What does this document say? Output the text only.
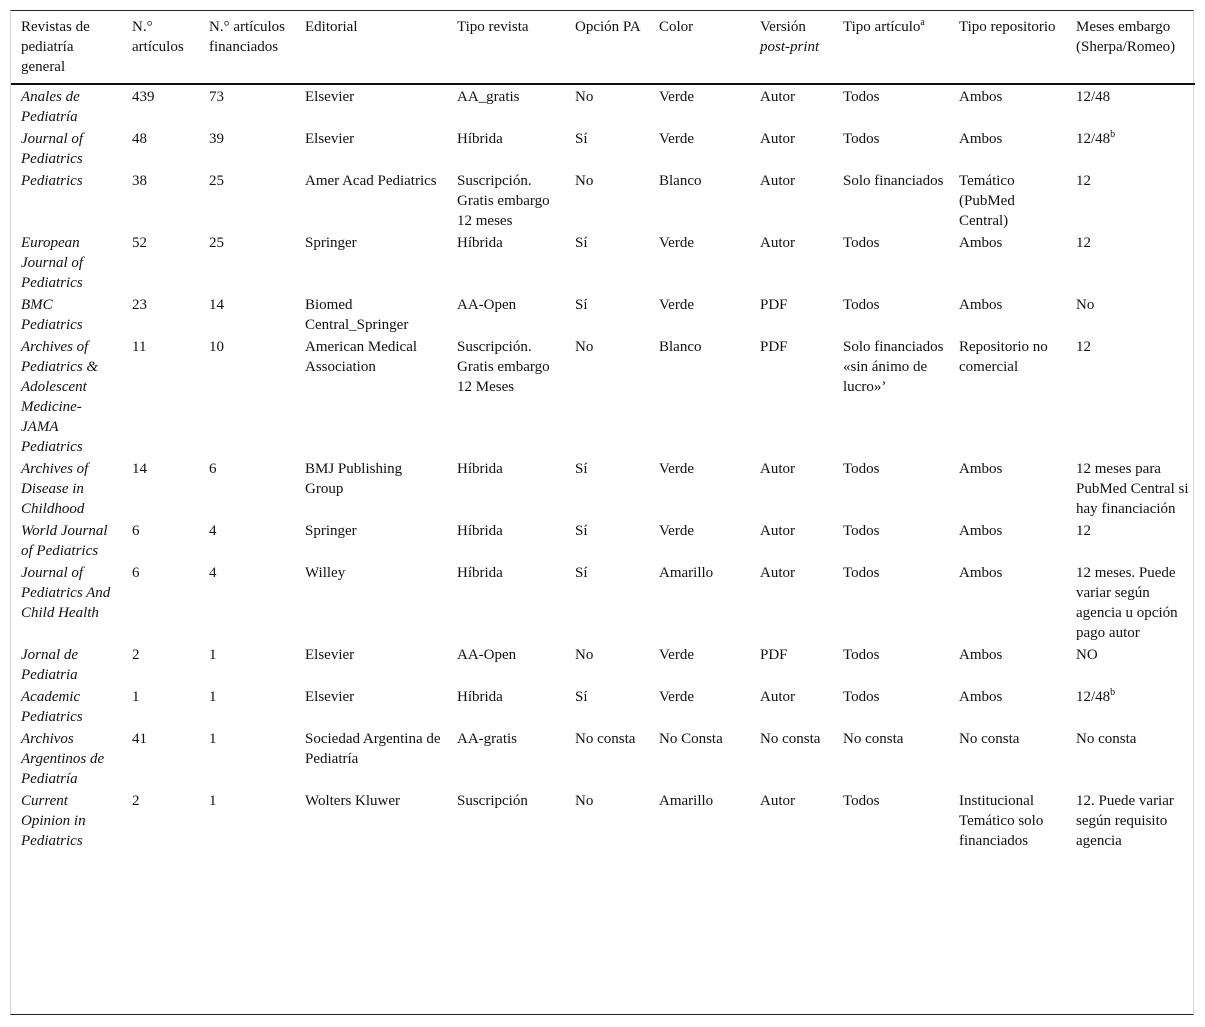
Revistas de pediatría general	N.° artículos	N.° artículos financiados	Editorial	Tipo revista	Opción PA	Color	Versión post-print	Tipo artículo$^a$	Tipo repositorio	Meses embargo (Sherpa/Romeo)
Anales de Pediatría	439	73	Elsevier	AA_gratis	No	Verde	Autor	Todos	Ambos	12/48
Journal of Pediatrics	48	39	Elsevier	Híbrida	Sí	Verde	Autor	Todos	Ambos	12/48$^b$
Pediatrics	38	25	Amer Acad Pediatrics	Suscripción. Gratis embargo 12 meses	No	Blanco	Autor	Solo financiados	Temático (PubMed Central)	12
European Journal of Pediatrics	52	25	Springer	Híbrida	Sí	Verde	Autor	Todos	Ambos	12
BMC Pediatrics	23	14	Biomed Central_Springer	AA-Open	Sí	Verde	PDF	Todos	Ambos	No
Archives of Pediatrics & Adolescent Medicine-JAMA Pediatrics	11	10	American Medical Association	Suscripción. Gratis embargo 12 Meses	No	Blanco	PDF	Solo financiados «sin ánimo de lucro»’	Repositorio no comercial	12
Archives of Disease in Childhood	14	6	BMJ Publishing Group	Híbrida	Sí	Verde	Autor	Todos	Ambos	12 meses para PubMed Central si hay financiación
World Journal of Pediatrics	6	4	Springer	Híbrida	Sí	Verde	Autor	Todos	Ambos	12
Journal of Pediatrics And Child Health	6	4	Willey	Híbrida	Sí	Amarillo	Autor	Todos	Ambos	12 meses. Puede variar según agencia u opción pago autor
Jornal de Pediatria	2	1	Elsevier	AA-Open	No	Verde	PDF	Todos	Ambos	NO
Academic Pediatrics	1	1	Elsevier	Híbrida	Sí	Verde	Autor	Todos	Ambos	12/48$^b$
Archivos Argentinos de Pediatría	41	1	Sociedad Argentina de Pediatría	AA-gratis	No consta	No Consta	No consta	No consta	No consta	No consta
Current Opinion in Pediatrics	2	1	Wolters Kluwer	Suscripción	No	Amarillo	Autor	Todos	Institucional Temático solo financiados	12. Puede variar según requisito agencia
